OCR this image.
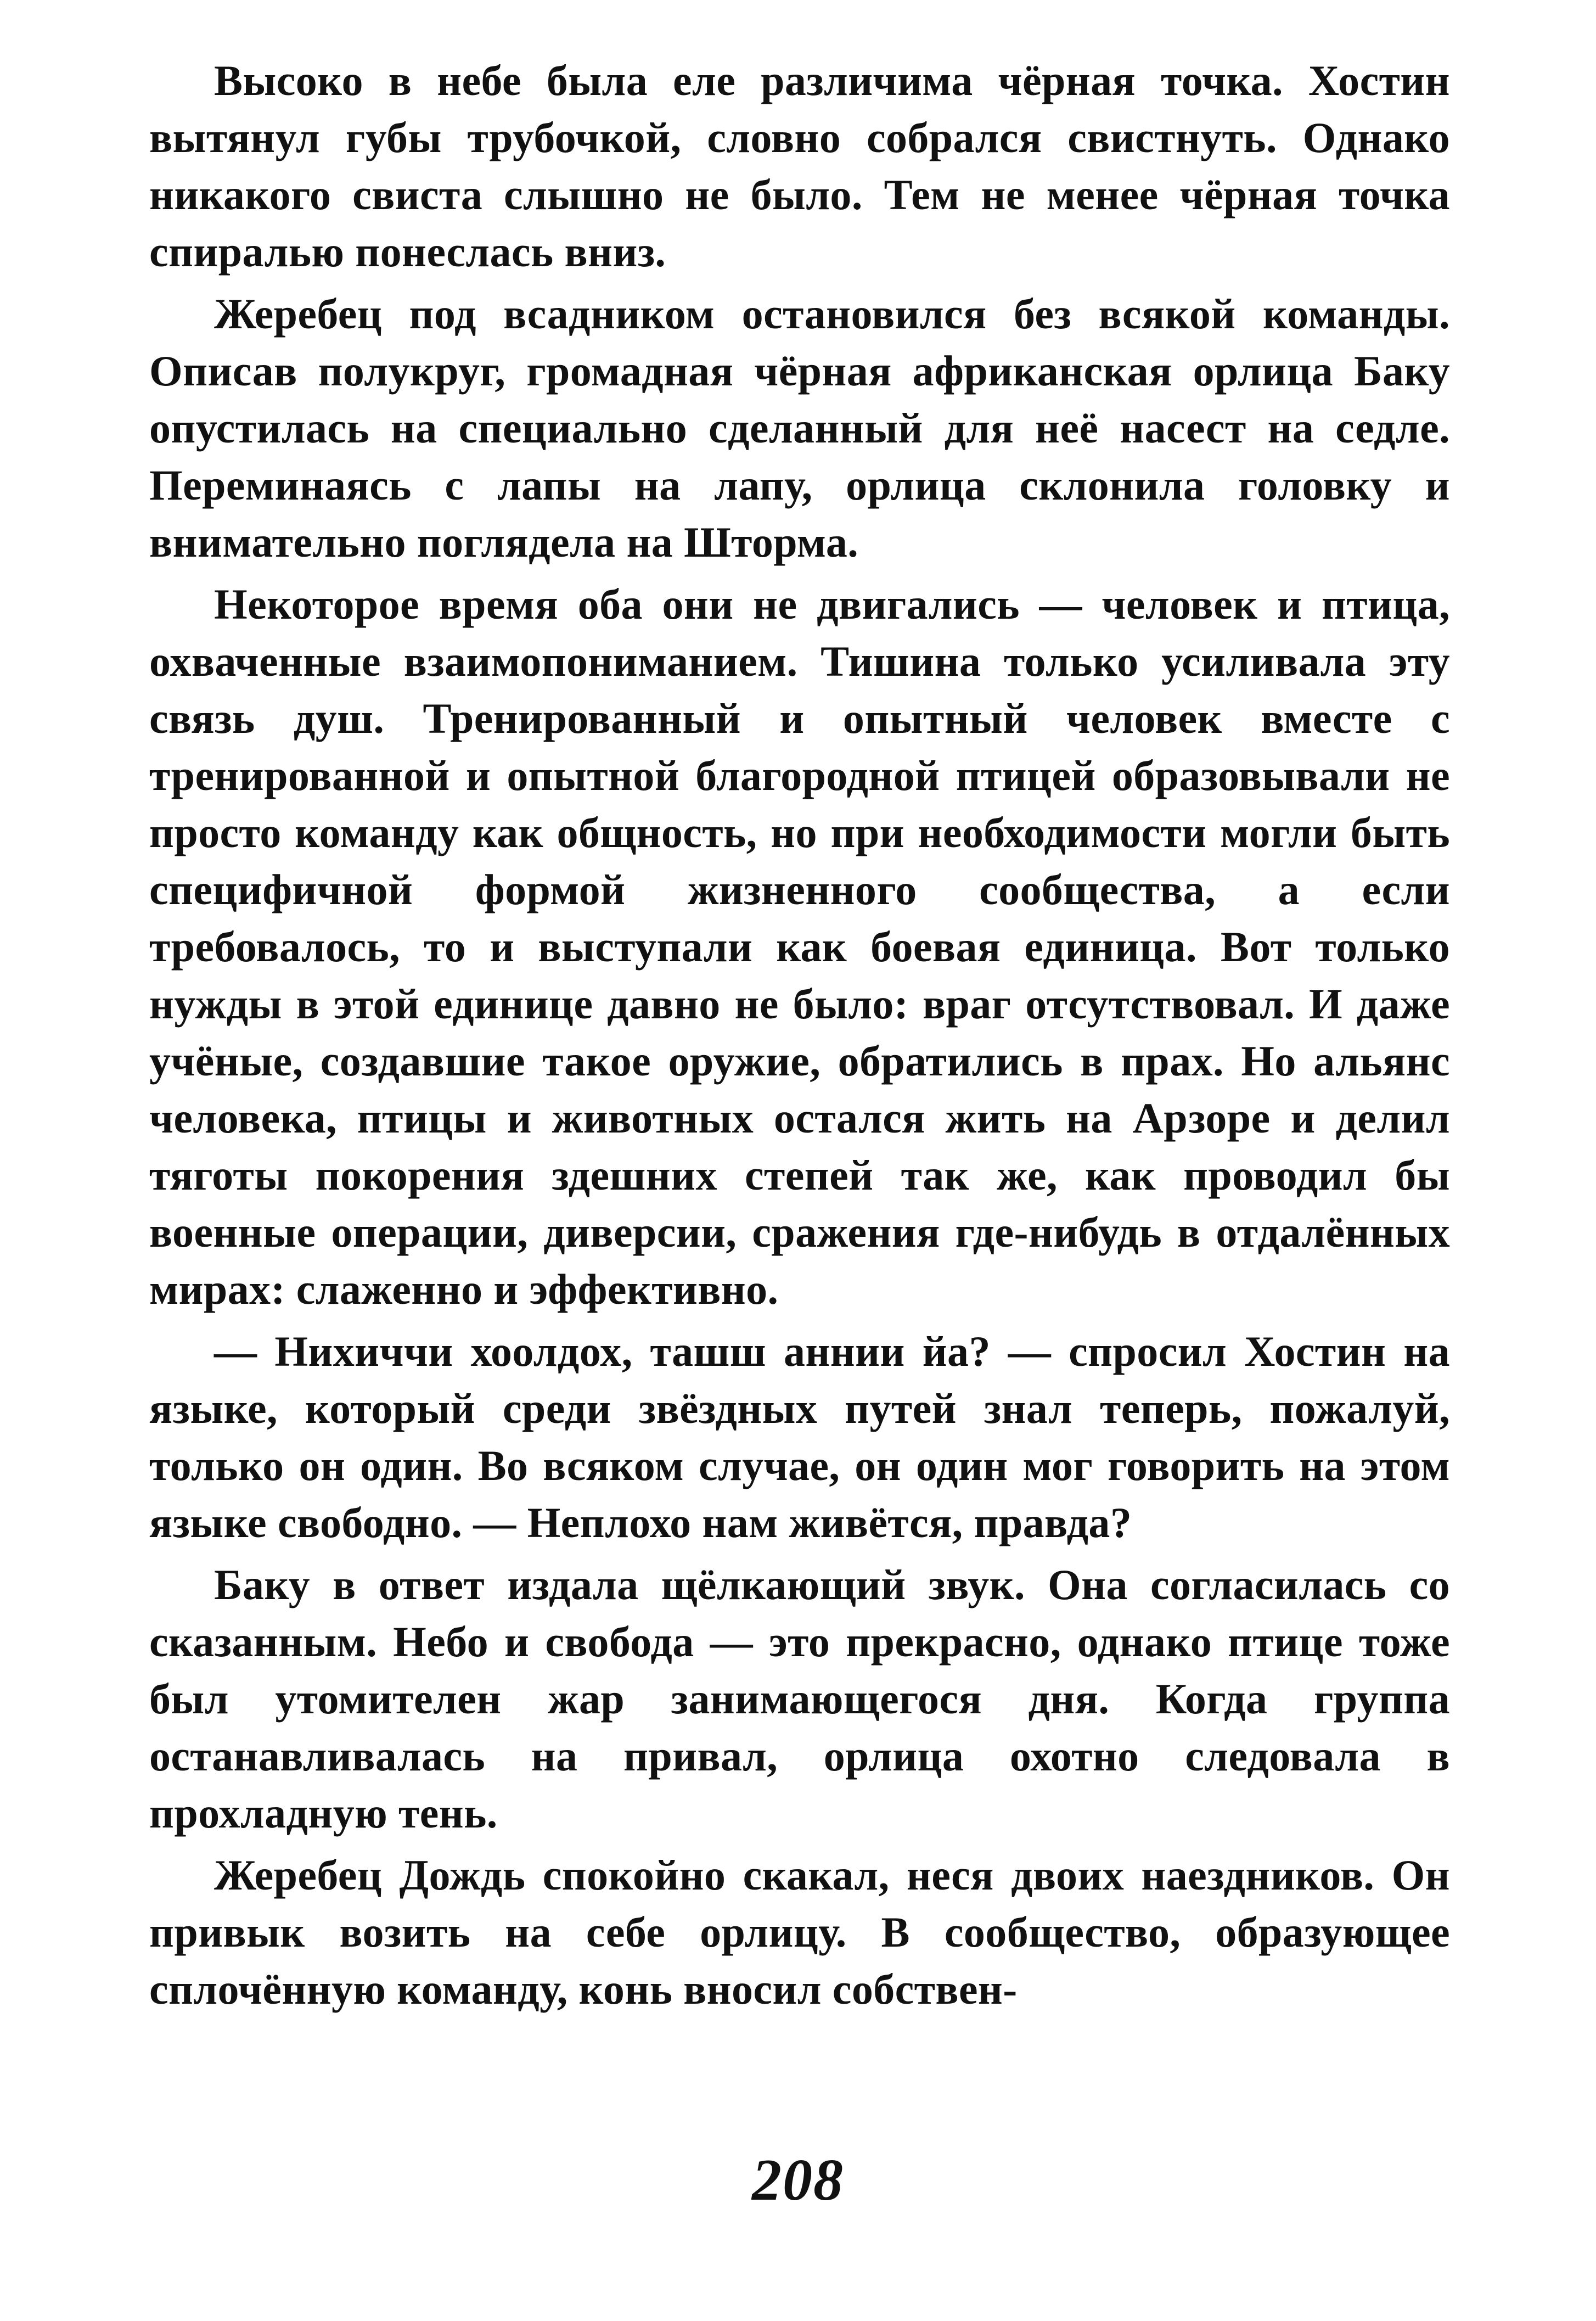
Высоко в небе была еле различима чёрная точка. Хостин вытянул губы трубочкой, словно собрался свистнуть. Однако никакого свиста слышно не было. Тем не менее чёрная точка спиралью понеслась вниз.

Жеребец под всадником остановился без всякой команды. Описав полукруг, громадная чёрная африканская орлица Баку опустилась на специально сделанный для неё насест на седле. Переминаясь с лапы на лапу, орлица склонила головку и внимательно поглядела на Шторма.

Некоторое время оба они не двигались — человек и птица, охваченные взаимопониманием. Тишина только усиливала эту связь душ. Тренированный и опытный человек вместе с тренированной и опытной благородной птицей образовывали не просто команду как общность, но при необходимости могли быть специфичной формой жизненного сообщества, а если требовалось, то и выступали как боевая единица. Вот только нужды в этой единице давно не было: враг отсутствовал. И даже учёные, создавшие такое оружие, обратились в прах. Но альянс человека, птицы и животных остался жить на Арзоре и делил тяготы покорения здешних степей так же, как проводил бы военные операции, диверсии, сражения где-нибудь в отдалённых мирах: слаженно и эффективно.

— Нихиччи хоолдох, ташш аннии йа? — спросил Хостин на языке, который среди звёздных путей знал теперь, пожалуй, только он один. Во всяком случае, он один мог говорить на этом языке свободно. — Неплохо нам живётся, правда?

Баку в ответ издала щёлкающий звук. Она согласилась со сказанным. Небо и свобода — это прекрасно, однако птице тоже был утомителен жар занимающегося дня. Когда группа останавливалась на привал, орлица охотно следовала в прохладную тень.

Жеребец Дождь спокойно скакал, неся двоих наездников. Он привык возить на себе орлицу. В сообщество, образующее сплочённую команду, конь вносил собствен-

208
